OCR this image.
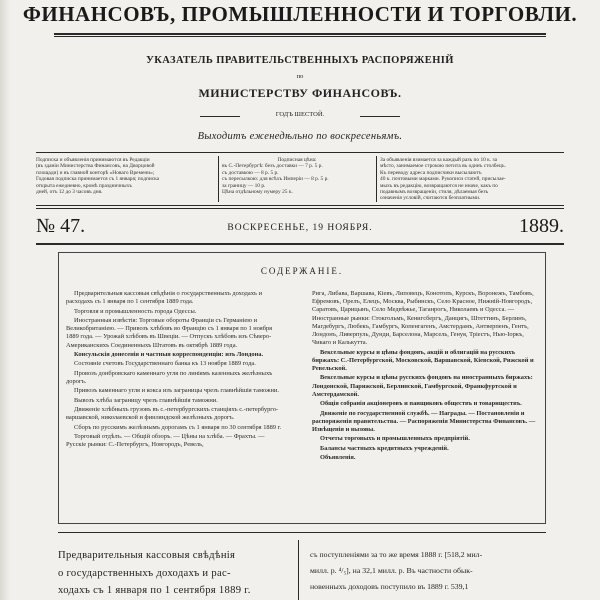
ФИНАНСОВЪ, ПРОМЫШЛЕННОСТИ И ТОРГОВЛИ.
УКАЗАТЕЛЬ ПРАВИТЕЛЬСТВЕННЫХЪ РАСПОРЯЖЕНІЙ
по
МИНИСТЕРСТВУ ФИНАНСОВЪ.
ГОДЪ ШЕСТОЙ.
Выходитъ еженедѣльно по воскресеньямъ.
Подписка и объявленія принимаются въ Редакціи
(въ зданіи Министерства Финансовъ, на Дворцовой
площади) и въ главной конторѣ «Новаго Времени»;
Годовая подписка принимается съ 1 января; подписка
открыта ежедневно, кромѣ праздничныхъ
дней, отъ 12 до 3 часовъ дня.
Подписная цѣна:
въ С.-Петербургѣ: безъ доставки — 7 р. 5 р.
съ доставкою — 8 р. 5 р.
съ пересылкою: для всѣхъ Имперіи — 8 р. 5 р.
за границу — 10 р.
Цѣна отдѣльному нумеру 25 к.
За объявленія взимается за каждый разъ по 10 к. за
мѣсто, занимаемое строкою петита въ одинъ столбецъ.
Къ переводу адреса подписчики высылаютъ
40 к. почтовыми марками. Рукописи статей, присылае-
мыхъ въ редакцію, возвращаются не иначе, какъ по
подавнымъ возвращеніи, стиля, дѣлаемыя безъ
означенія условій, считаются безплатными.
№ 47.	ВОСКРЕСЕНЬЕ, 19 НОЯБРЯ.	1889.
СОДЕРЖАНІЕ.

Предварительныя кассовыя свѣдѣнія о государственныхъ доходахъ и расходахъ съ 1 января по 1 сентября 1889 года.

Торговля и промышленность города Одессы.

Иностранныя извѣстія: Торговые обороты Франціи съ Германіею и Великобританіею. — Привозъ хлѣбовъ во Францію съ 1 января по 1 ноября 1889 года. — Урожай хлѣбовъ въ Швеціи. — Отпускъ хлѣбовъ изъ Сѣверо-Американскихъ Соединенныхъ Штатовъ въ октябрѣ 1889 года.

Консульскія донесенія и частныя корреспонденціи: изъ Лондона.

Состояніе счетовъ Государственнаго банка къ 13 ноября 1889 года.

Провозъ донбровскаго каменнаго угля по линіямъ казенныхъ желѣзныхъ дорогъ.

Привозъ каменнаго угля и кокса изъ заграницы чрезъ главнѣйшія таможни.

Вывозъ хлѣба заграницу чрезъ главнѣйшія таможни.

Движеніе хлѣбныхъ грузовъ въ с.-петербургскихъ станціяхъ с.-петербурго-варшавской, николаевской и финляндской желѣзныхъ дорогъ.

Сборъ по русскимъ желѣзнымъ дорогамъ съ 1 января по 30 сентября 1889 г.

Торговый отдѣлъ. — Общій обзоръ. — Цѣны на хлѣба. — Фрахты. — Русскіе рынки: С.-Петербургъ, Новгородъ, Ревель,

Рига, Либава, Варшава, Кіевъ, Липовецъ, Конотопъ, Курскъ, Воронежъ, Тамбовъ, Ефремовъ, Орелъ, Елецъ, Москва, Рыбинскъ, Село Красное, Нижній-Новгородъ, Саратовъ, Царицынъ, Село Медвѣжье, Таганрогъ, Николаевъ и Одесса. — Иностранные рынки: Стокгольмъ, Кенигсбергъ, Данцигъ, Штеттинъ, Берлинъ, Магдебургъ, Любекъ, Гамбургъ, Копенгагенъ, Амстердамъ, Антверпенъ, Гентъ, Лондонъ, Ливерпуль, Дунди, Барселона, Марсель, Генуя, Тріестъ, Нью-Іоркъ, Чикаго и Калькутта.

Вексельные курсы и цѣны фондовъ, акцій и облигацій на русскихъ биржахъ: С.-Петербургской, Московской, Варшавской, Кіевской, Рижской и Ревельской.

Вексельные курсы и цѣны русскихъ фондовъ на иностранныхъ биржахъ: Лондонской, Парижской, Берлинской, Гамбургской, Франкфуртской и Амстердамской.

Общія собранія акціонеровъ и паищиковъ обществъ и товариществъ.

Движеніе по государственной службѣ. — Награды. — Постановленія и распоряженія правительства. — Распоряженія Министерства Финансовъ. — Извѣщенія и вызовы.

Отчеты торговыхъ и промышленныхъ предпріятій.

Балансы частныхъ кредитныхъ учрежденій.

Объявленія.

Предварительныя кассовыя свѣдѣнія

о государственныхъ доходахъ и рас-

ходахъ съ 1 января по 1 сентября 1889 г.

съ поступленіями за то же время 1888 г. [518,2 мил-

милл. р. ⁴/₅], на 32,1 милл. р. Въ частности обык-

новенныхъ доходовъ поступило въ 1889 г. 539,1
